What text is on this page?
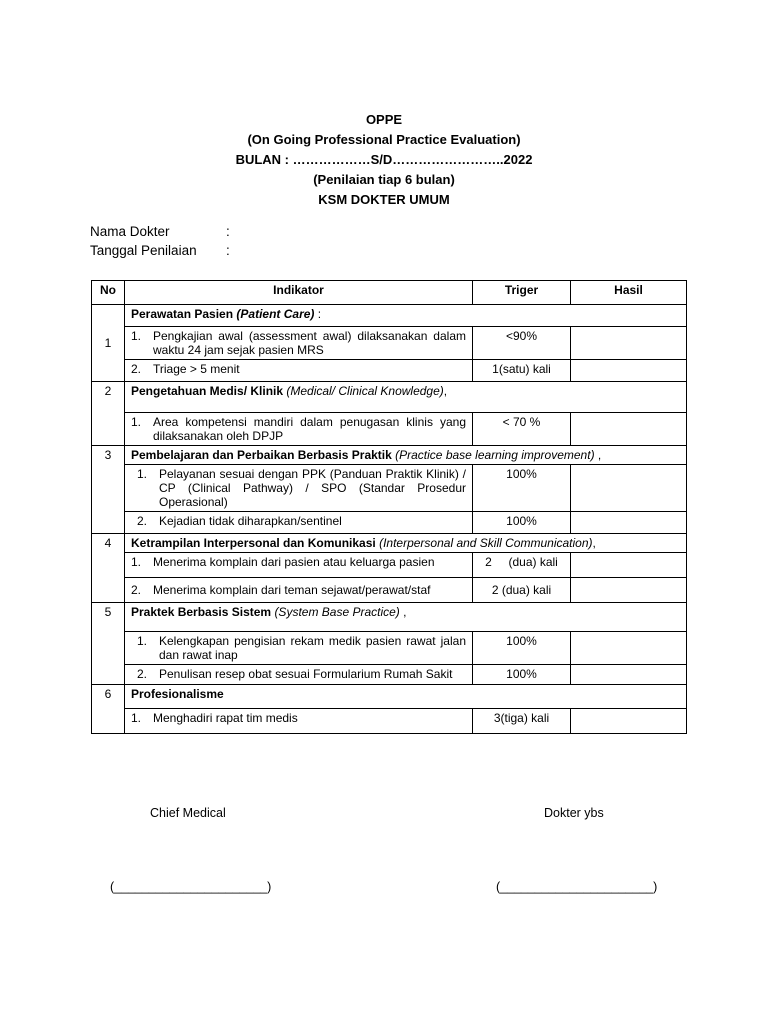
OPPE
(On Going Professional Practice Evaluation)
BULAN : ………………S/D……………………..2022
(Penilaian tiap 6 bulan)
KSM DOKTER UMUM
Nama Dokter	:
Tanggal Penilaian :
No	Indikator	Triger	Hasil
1	Perawatan Pasien (Patient Care) :		

	1. Pengkajian awal (assessment awal) dilaksanakan dalam waktu 24 jam sejak pasien MRS	<90%	

	2. Triage > 5 menit	1(satu) kali	
2	Pengetahuan Medis/ Klinik (Medical/ Clinical Knowledge),		

	1. Area kompetensi mandiri dalam penugasan klinis yang dilaksanakan oleh DPJP	< 70 %	
3	Pembelajaran dan Perbaikan Berbasis Praktik (Practice base learning improvement) ,		

	1. Pelayanan sesuai dengan PPK (Panduan Praktik Klinik) / CP (Clinical Pathway) / SPO (Standar Prosedur Operasional)	100%	

	2. Kejadian tidak diharapkan/sentinel	100%	
4	Ketrampilan Interpersonal dan Komunikasi (Interpersonal and Skill Communication),		

	1. Menerima komplain dari pasien atau keluarga pasien	2     (dua) kali	

	2. Menerima komplain dari teman sejawat/perawat/staf	2 (dua) kali	
5	Praktek Berbasis Sistem (System Base Practice) ,		

	1. Kelengkapan pengisian rekam medik pasien rawat jalan dan rawat inap	100%	

	2. Penulisan resep obat sesuai Formularium Rumah Sakit	100%	
6	Profesionalisme		

	1. Menghadiri rapat tim medis	3(tiga) kali	
Chief Medical	Dokter ybs
(______________________)	(______________________)
